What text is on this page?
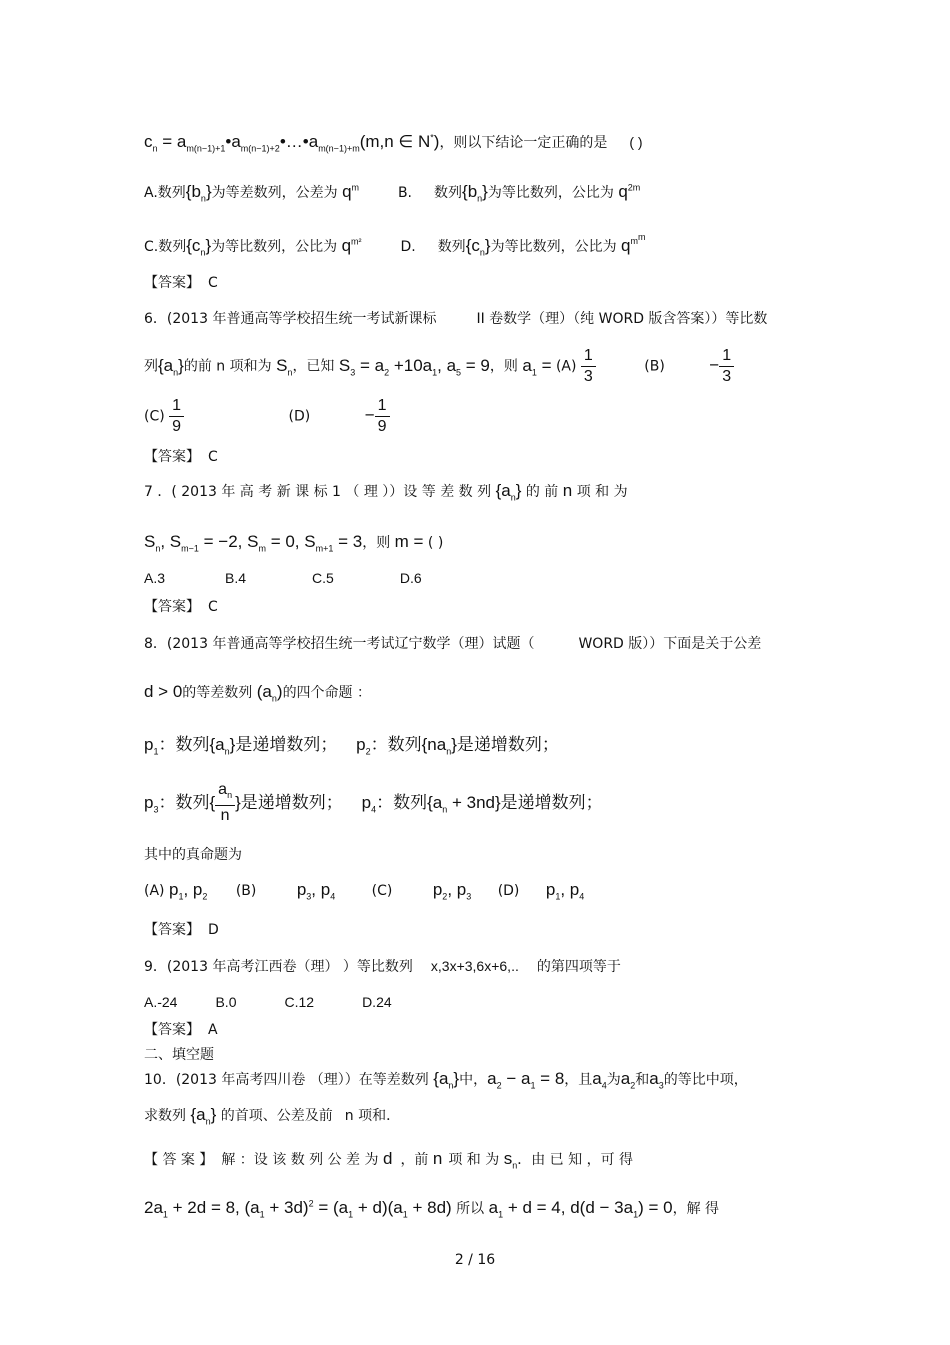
$c_n$ = $a_{m(n-1)+1}•a_{m(n-1)+2}•\dots•a_{m(n-1)+m}(m,n$ ∈ N*)，则以下结论一定正确的是 ( )
A.数列$\{b_n\}$为等差数列，公差为 $q^m$	B. 数列$\{b_n\}$为等比数列，公比为 $q^{2m}$
C.数列$\{c_n\}$为等比数列，公比为 $q^{m^2}$	D. 数列$\{c_n\}$为等比数列，公比为 $q^{m^m}$
【答案】 C
6．(2013 年普通高等学校招生统一考试新课标	II 卷数学（理）（纯 WORD 版含答案））等比数
列$\{a_n\}$的前 n 项和为 $S_n$，已知 $S_3 = a_2 +10a_1$, $a_5 = 9$，则 $a_1 = (A) \frac{1}{3}$	(B)	− $\frac{1}{3}$
$(C) \frac{1}{9}$	(D)	− $\frac{1}{9}$
【答案】 C
7 ．( 2013 年 高 考 新 课 标 1 （ 理 ））设 等 差 数 列 $\{a_n\}$ 的 前 n 项 和 为
$S_n$, $S_{m-1} = -2$, $S_m = 0$, $S_{m+1} = 3$，则 m = ( )
A.3	B.4	C.5	D.6
【答案】 C
8．(2013 年普通高等学校招生统一考试辽宁数学（理）试题（	WORD 版））下面是关于公差
d > 0的等差数列 $(a_n)$的四个命题 ：
$p_1$：数列$\{a_n\}$是递增数列； $p_2$：数列$\{na_n\}$是递增数列；
$p_3$：数列{ $\frac{a_n}{n}$ }是递增数列； $p_4$：数列$\{a_n + 3nd\}$是递增数列；
其中的真命题为
(A) $p_1$, $p_2$ (B) $p_3$, $p_4$	(C) $p_2$, $p_3$ (D) $p_1$, $p_4$
【答案】 D
9．(2013 年高考江西卷（理） ）等比数列 x,3x+3,6x+6,.. 的第四项等于
A.-24	B.0	C.12	D.24
【答案】 A
二、填空题
10．(2013 年高考四川卷 （理））在等差数列 $\{a_n\}$中，$a_2 - a_1 = 8$，且$a_4$为$a_2$和$a_3$的等比中项，
求数列 $\{a_n\}$ 的首项、公差及前 n 项和．
【 答 案 】 解 ：设 该 数 列 公 差 为 d ，前 n 项 和 为 $s_n$．由 已 知 ，可 得
$2a_1 + 2d = 8$, $(a_1 + 3d)^2 = (a_1 + d)(a_1 + 8d)$ 所以 $a_1 + d = 4$, $d(d - 3a_1) = 0$，解 得
2 / 16
